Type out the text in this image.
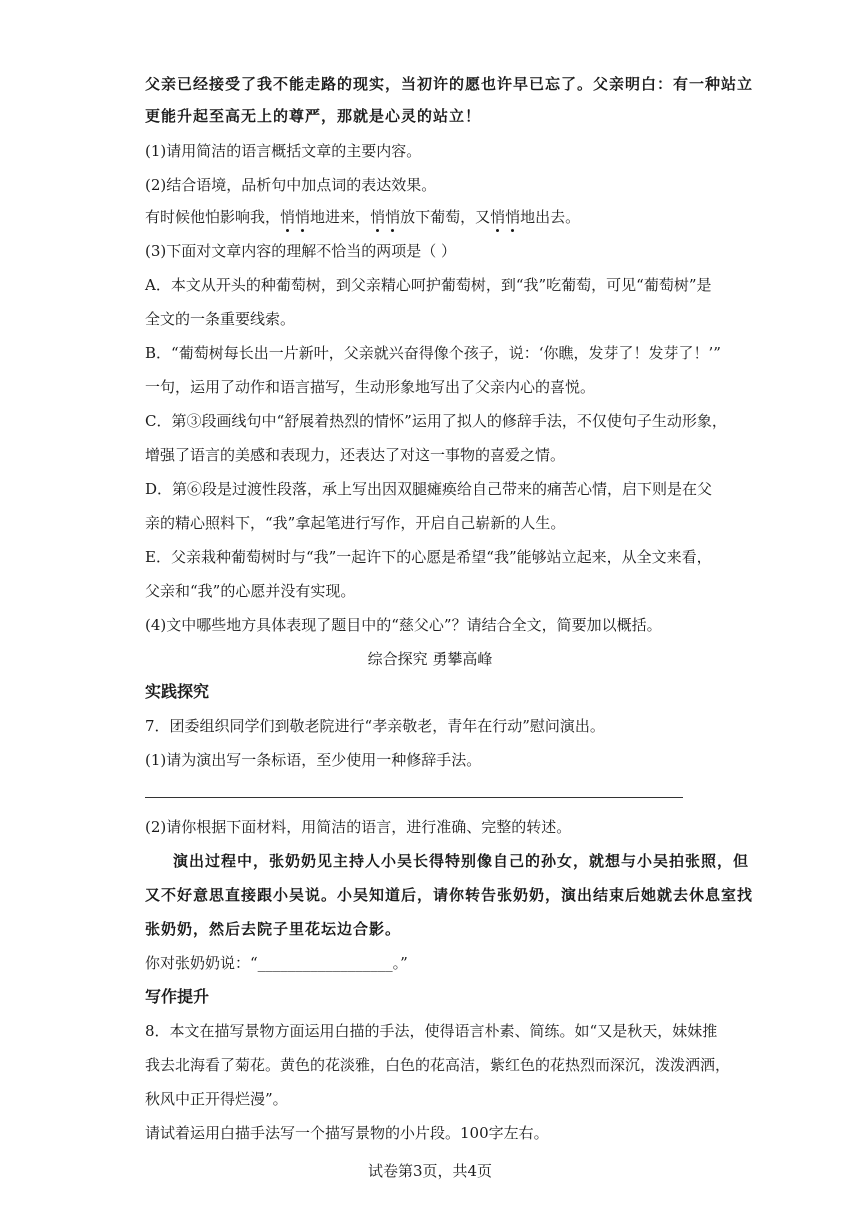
父亲已经接受了我不能走路的现实，当初许的愿也许早已忘了。父亲明白：有一种站立
更能升起至高无上的尊严，那就是心灵的站立！
(1)请用简洁的语言概括文章的主要内容。
(2)结合语境，品析句中加点词的表达效果。
有时候他怕影响我，悄悄地进来，悄悄放下葡萄，又悄悄地出去。
(3)下面对文章内容的理解不恰当的两项是（ ）
A．本文从开头的种葡萄树，到父亲精心呵护葡萄树，到“我”吃葡萄，可见“葡萄树”是
全文的一条重要线索。
B．“葡萄树每长出一片新叶，父亲就兴奋得像个孩子，说：‘你瞧，发芽了！发芽了！’”
一句，运用了动作和语言描写，生动形象地写出了父亲内心的喜悦。
C．第③段画线句中“舒展着热烈的情怀”运用了拟人的修辞手法，不仅使句子生动形象，
增强了语言的美感和表现力，还表达了对这一事物的喜爱之情。
D．第⑥段是过渡性段落，承上写出因双腿瘫痪给自己带来的痛苦心情，启下则是在父
亲的精心照料下，“我”拿起笔进行写作，开启自己崭新的人生。
E．父亲栽种葡萄树时与“我”一起许下的心愿是希望“我”能够站立起来，从全文来看，
父亲和“我”的心愿并没有实现。
(4)文中哪些地方具体表现了题目中的“慈父心”？请结合全文，简要加以概括。
综合探究 勇攀高峰
实践探究
7．团委组织同学们到敬老院进行“孝亲敬老，青年在行动”慰问演出。
(1)请为演出写一条标语，至少使用一种修辞手法。
(2)请你根据下面材料，用简洁的语言，进行准确、完整的转述。
演出过程中，张奶奶见主持人小吴长得特别像自己的孙女，就想与小吴拍张照，但
又不好意思直接跟小吴说。小吴知道后，请你转告张奶奶，演出结束后她就去休息室找
张奶奶，然后去院子里花坛边合影。
你对张奶奶说：“__________________。”
写作提升
8．本文在描写景物方面运用白描的手法，使得语言朴素、简练。如“又是秋天，妹妹推
我去北海看了菊花。黄色的花淡雅，白色的花高洁，紫红色的花热烈而深沉，泼泼洒洒，
秋风中正开得烂漫”。
请试着运用白描手法写一个描写景物的小片段。100字左右。
试卷第3页，共4页
